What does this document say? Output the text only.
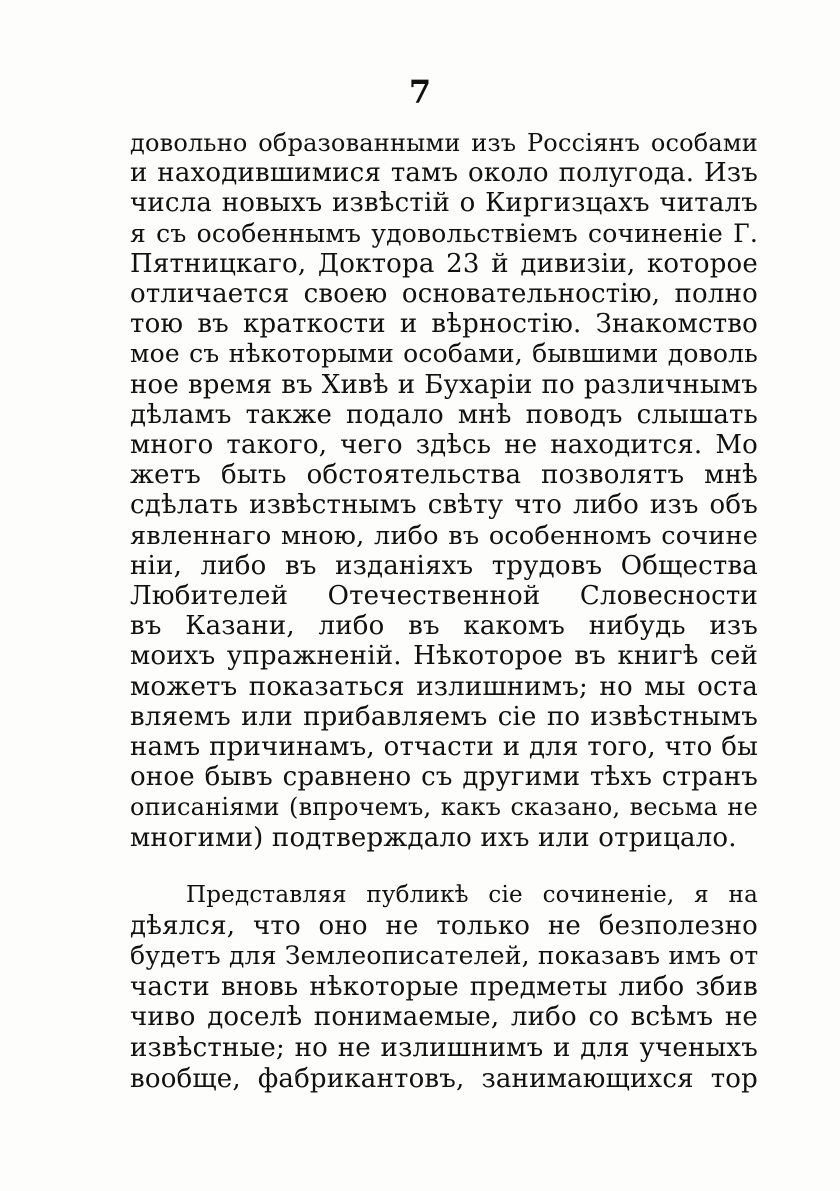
7
довольно образованными изъ Россіянъ особами
и находившимися тамъ около полугода. Изъ
числа новыхъ извѣстій о Киргизцахъ читалъ
я съ особеннымъ удовольствіемъ сочиненіе Г.
Пятницкаго, Доктора 23 й дивизіи, которое
отличается своею основательностію, полно
тою въ краткости и вѣрностію. Знакомство
мое съ нѣкоторыми особами, бывшими доволь
ное время въ Хивѣ и Бухаріи по различнымъ
дѣламъ также подало мнѣ поводъ слышать
много такого, чего здѣсь не находится. Мо
жетъ быть обстоятельства позволятъ мнѣ
сдѣлать извѣстнымъ свѣту что либо изъ объ
явленнаго мною, либо въ особенномъ сочине
ніи, либо въ изданіяхъ трудовъ Общества
Любителей Отечественной Словесности
въ Казани, либо въ какомъ нибудь изъ
моихъ упражненій. Нѣкоторое въ книгѣ сей
можетъ показаться излишнимъ; но мы оста
вляемъ или прибавляемъ сіе по извѣстнымъ
намъ причинамъ, отчасти и для того, что бы
оное бывъ сравнено съ другими тѣхъ странъ
описаніями (впрочемъ, какъ сказано, весьма не
многими) подтверждало ихъ или отрицало.
Представляя публикѣ сіе сочиненіе, я на
дѣялся, что оно не только не безполезно
будетъ для Землеописателей, показавъ имъ от
части вновь нѣкоторые предметы либо збив
чиво доселѣ понимаемые, либо со всѣмъ не
извѣстные; но не излишнимъ и для ученыхъ
вообще, фабрикантовъ, занимающихся тор
